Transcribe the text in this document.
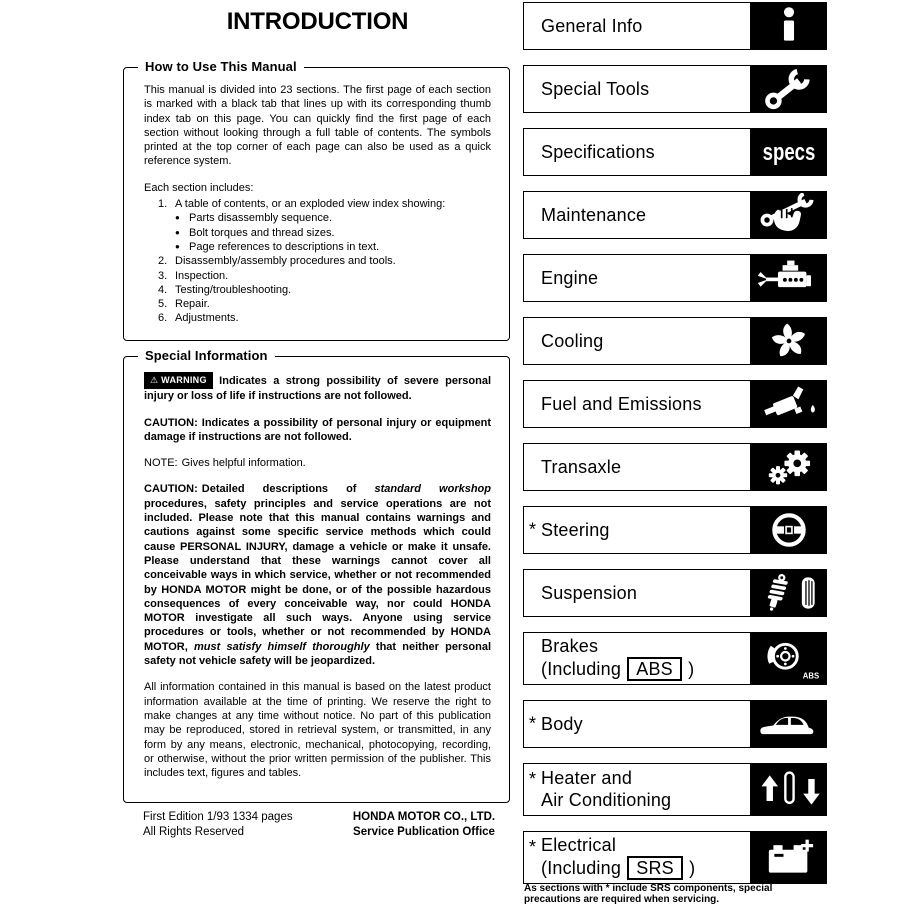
INTRODUCTION
How to Use This Manual

This manual is divided into 23 sections. The first page of each section is marked with a black tab that lines up with its corresponding thumb index tab on this page. You can quickly find the first page of each section without looking through a full table of contents. The symbols printed at the top corner of each page can also be used as a quick reference system.

Each section includes:

1. A table of contents, or an exploded view index showing:
● Parts disassembly sequence.
● Bolt torques and thread sizes.
● Page references to descriptions in text.
2. Disassembly/assembly procedures and tools.
3. Inspection.
4. Testing/troubleshooting.
5. Repair.
6. Adjustments.
Special Information

⚠ WARNING Indicates a strong possibility of severe personal injury or loss of life if instructions are not followed.

CAUTION: Indicates a possibility of personal injury or equipment damage if instructions are not followed.

NOTE: Gives helpful information.

CAUTION: Detailed descriptions of standard workshop procedures, safety principles and service operations are not included. Please note that this manual contains warnings and cautions against some specific service methods which could cause PERSONAL INJURY, damage a vehicle or make it unsafe. Please understand that these warnings cannot cover all conceivable ways in which service, whether or not recommended by HONDA MOTOR might be done, or of the possible hazardous consequences of every conceivable way, nor could HONDA MOTOR investigate all such ways. Anyone using service procedures or tools, whether or not recommended by HONDA MOTOR, must satisfy himself thoroughly that neither personal safety not vehicle safety will be jeopardized.

All information contained in this manual is based on the latest product information available at the time of printing. We reserve the right to make changes at any time without notice. No part of this publication may be reproduced, stored in retrieval system, or transmitted, in any form by any means, electronic, mechanical, photocopying, recording, or otherwise, without the prior written permission of the publisher. This includes text, figures and tables.

First Edition 1/93 1334 pages
All Rights Reserved
HONDA MOTOR CO., LTD.
Service Publication Office
General Info
Special Tools
Specifications	specs
Maintenance
Engine
Cooling
Fuel and Emissions
Transaxle
* Steering
Suspension
Brakes
(Including ABS )	ABS
* Body
* Heater and
Air Conditioning
* Electrical
(Including SRS )
As sections with * include SRS components, special precautions are required when servicing.
